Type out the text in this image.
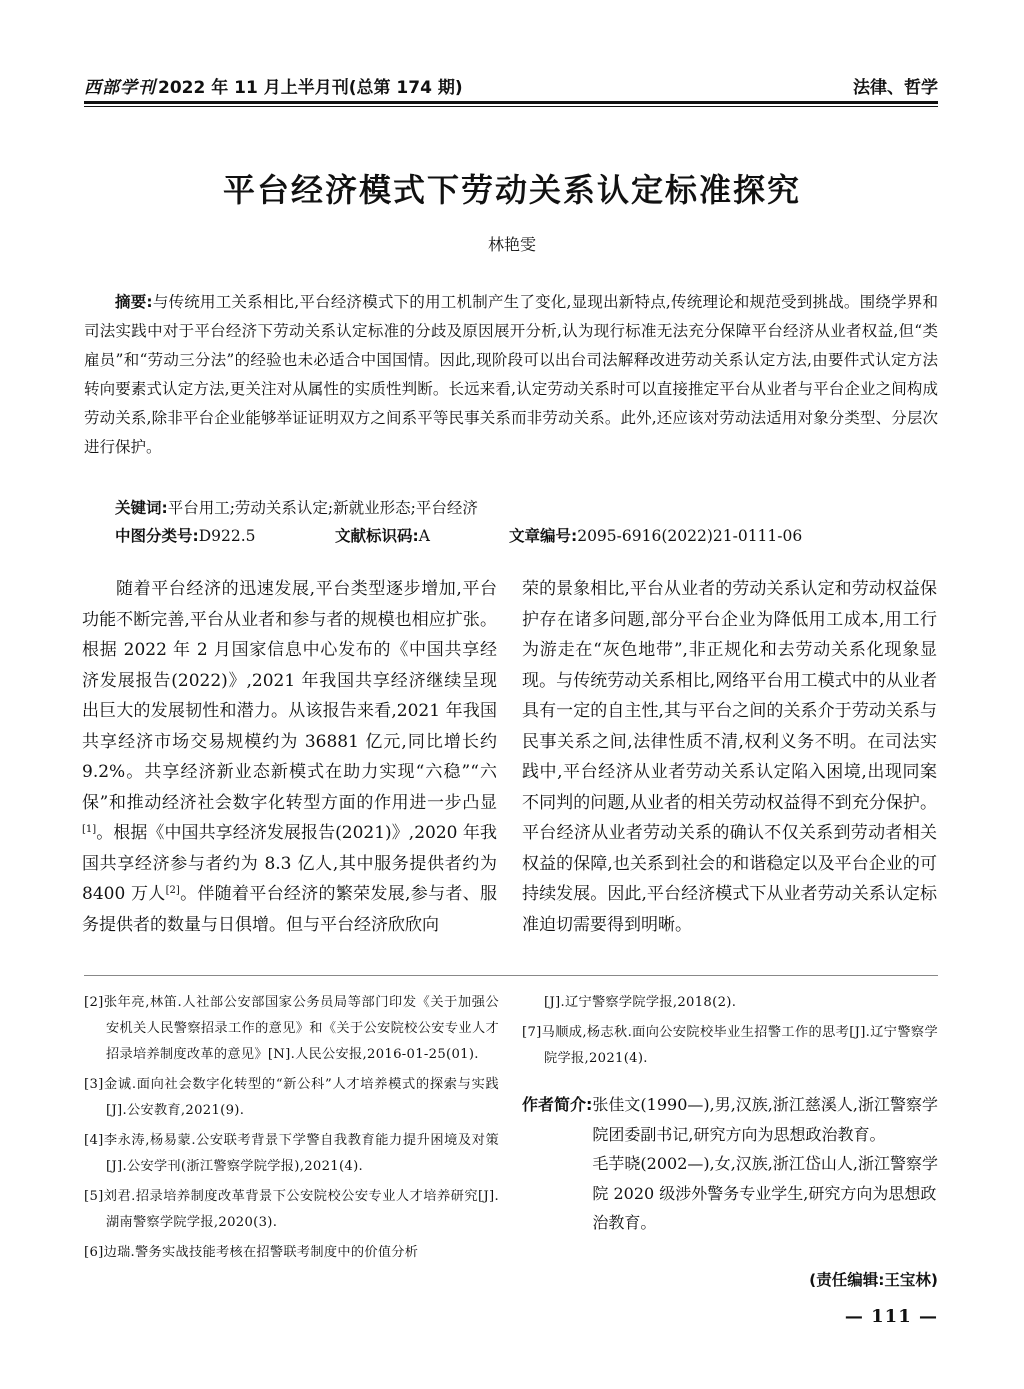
西部学刊 2022 年 11 月上半月刊(总第 174 期)	法律、哲学
平台经济模式下劳动关系认定标准探究
林艳雯

摘要:与传统用工关系相比,平台经济模式下的用工机制产生了变化,显现出新特点,传统理论和规范受到挑战。围绕学界和司法实践中对于平台经济下劳动关系认定标准的分歧及原因展开分析,认为现行标准无法充分保障平台经济从业者权益,但“类雇员”和“劳动三分法”的经验也未必适合中国国情。因此,现阶段可以出台司法解释改进劳动关系认定方法,由要件式认定方法转向要素式认定方法,更关注对从属性的实质性判断。长远来看,认定劳动关系时可以直接推定平台从业者与平台企业之间构成劳动关系,除非平台企业能够举证证明双方之间系平等民事关系而非劳动关系。此外,还应该对劳动法适用对象分类型、分层次进行保护。

关键词:平台用工;劳动关系认定;新就业形态;平台经济
中图分类号:D922.5	文献标识码:A	文章编号:2095-6916(2022)21-0111-06

随着平台经济的迅速发展,平台类型逐步增加,平台功能不断完善,平台从业者和参与者的规模也相应扩张。根据 2022 年 2 月国家信息中心发布的《中国共享经济发展报告(2022)》,2021 年我国共享经济继续呈现出巨大的发展韧性和潜力。从该报告来看,2021 年我国共享经济市场交易规模约为 36881 亿元,同比增长约 9.2%。共享经济新业态新模式在助力实现“六稳”“六保”和推动经济社会数字化转型方面的作用进一步凸显[1]。根据《中国共享经济发展报告(2021)》,2020 年我国共享经济参与者约为 8.3 亿人,其中服务提供者约为 8400 万人[2]。伴随着平台经济的繁荣发展,参与者、服务提供者的数量与日俱增。但与平台经济欣欣向

荣的景象相比,平台从业者的劳动关系认定和劳动权益保护存在诸多问题,部分平台企业为降低用工成本,用工行为游走在“灰色地带”,非正规化和去劳动关系化现象显现。与传统劳动关系相比,网络平台用工模式中的从业者具有一定的自主性,其与平台之间的关系介于劳动关系与民事关系之间,法律性质不清,权利义务不明。在司法实践中,平台经济从业者劳动关系认定陷入困境,出现同案不同判的问题,从业者的相关劳动权益得不到充分保护。平台经济从业者劳动关系的确认不仅关系到劳动者相关权益的保障,也关系到社会的和谐稳定以及平台企业的可持续发展。因此,平台经济模式下从业者劳动关系认定标准迫切需要得到明晰。

[2]张年亮,林笛.人社部公安部国家公务员局等部门印发《关于加强公安机关人民警察招录工作的意见》和《关于公安院校公安专业人才招录培养制度改革的意见》[N].人民公安报,2016-01-25(01).

[3]金诚.面向社会数字化转型的“新公科”人才培养模式的探索与实践[J].公安教育,2021(9).

[4]李永涛,杨易蒙.公安联考背景下学警自我教育能力提升困境及对策[J].公安学刊(浙江警察学院学报),2021(4).

[5]刘君.招录培养制度改革背景下公安院校公安专业人才培养研究[J].湖南警察学院学报,2020(3).

[6]边瑞.警务实战技能考核在招警联考制度中的价值分析

[J].辽宁警察学院学报,2018(2).

[7]马顺成,杨志秋.面向公安院校毕业生招警工作的思考[J].辽宁警察学院学报,2021(4).

作者简介: 张佳文(1990—),男,汉族,浙江慈溪人,浙江警察学院团委副书记,研究方向为思想政治教育。

毛芋晓(2002—),女,汉族,浙江岱山人,浙江警察学院 2020 级涉外警务专业学生,研究方向为思想政治教育。

(责任编辑:王宝林)
— 111 —
